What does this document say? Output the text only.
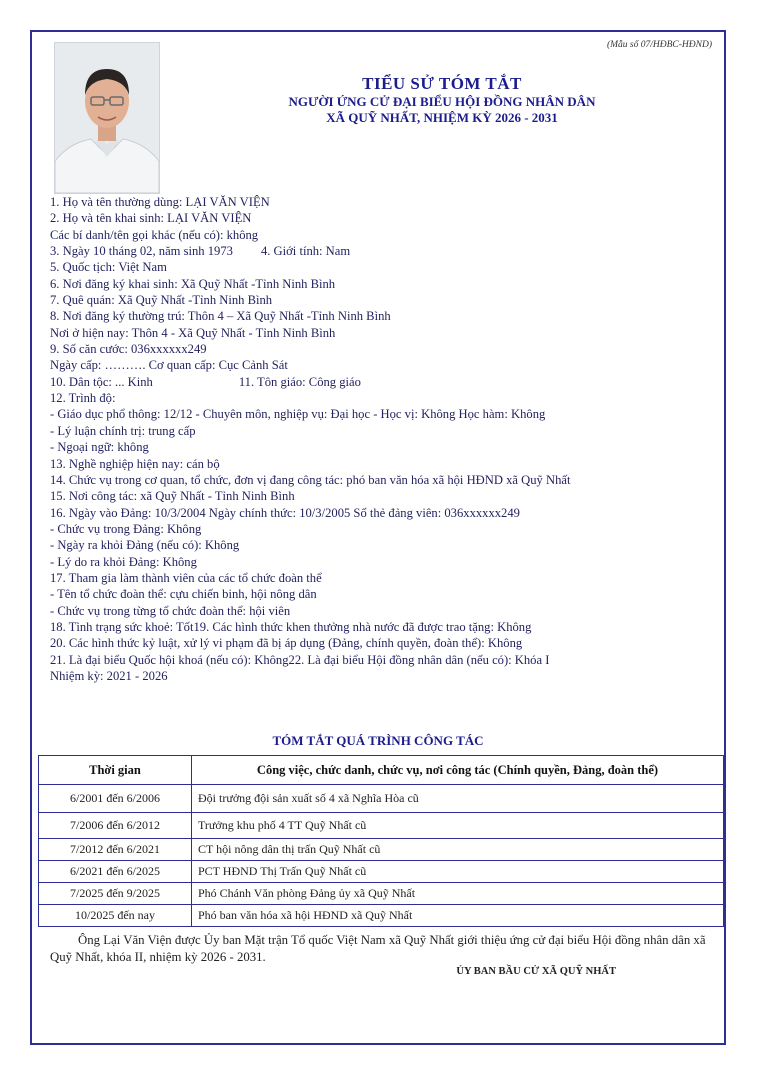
(Mẫu số 07/HĐBC-HĐND)
TIỂU SỬ TÓM TẮT
NGƯỜI ỨNG CỬ ĐẠI BIỂU HỘI ĐỒNG NHÂN DÂN
XÃ QUỸ NHẤT, NHIỆM KỲ 2026 - 2031
1. Họ và tên thường dùng: LẠI VĂN VIỆN
2. Họ và tên khai sinh: LẠI VĂN VIỆN
Các bí danh/tên gọi khác (nếu có): không
3. Ngày 10 tháng 02, năm sinh 1973 4. Giới tính: Nam
5. Quốc tịch: Việt Nam
6. Nơi đăng ký khai sinh: Xã Quỹ Nhất -Tỉnh Ninh Bình
7. Quê quán: Xã Quỹ Nhất -Tỉnh Ninh Bình
8. Nơi đăng ký thường trú: Thôn 4 – Xã Quỹ Nhất -Tỉnh Ninh Bình
Nơi ở hiện nay: Thôn 4 - Xã Quỹ Nhất - Tỉnh Ninh Bình
9. Số căn cước: 036xxxxxx249
Ngày cấp: ………. Cơ quan cấp: Cục Cảnh Sát
10. Dân tộc: ... Kinh	11. Tôn giáo: Công giáo
12. Trình độ:
- Giáo dục phổ thông: 12/12 - Chuyên môn, nghiệp vụ: Đại học - Học vị: Không Học hàm: Không
- Lý luận chính trị: trung cấp
- Ngoại ngữ: không
13. Nghề nghiệp hiện nay: cán bộ
14. Chức vụ trong cơ quan, tổ chức, đơn vị đang công tác: phó ban văn hóa xã hội HĐND xã Quỹ Nhất
15. Nơi công tác: xã Quỹ Nhất - Tỉnh Ninh Bình
16. Ngày vào Đảng: 10/3/2004 Ngày chính thức: 10/3/2005 Số thẻ đảng viên: 036xxxxxx249
- Chức vụ trong Đảng: Không
- Ngày ra khỏi Đảng (nếu có): Không
- Lý do ra khỏi Đảng: Không
17. Tham gia làm thành viên của các tổ chức đoàn thể
- Tên tổ chức đoàn thể: cựu chiến binh, hội nông dân
- Chức vụ trong từng tổ chức đoàn thể: hội viên
18. Tình trạng sức khoẻ: Tốt19. Các hình thức khen thưởng nhà nước đã được trao tặng: Không
20. Các hình thức kỷ luật, xử lý vi phạm đã bị áp dụng (Đảng, chính quyền, đoàn thể): Không
21. Là đại biểu Quốc hội khoá (nếu có): Không22. Là đại biểu Hội đồng nhân dân (nếu có): Khóa I
Nhiệm kỳ: 2021 - 2026
TÓM TẮT QUÁ TRÌNH CÔNG TÁC
Thời gian	Công việc, chức danh, chức vụ, nơi công tác (Chính quyền, Đảng, đoàn thể)
6/2001 đến 6/2006	Đội trưởng đội sản xuất số 4 xã Nghĩa Hòa cũ
7/2006 đến 6/2012	Trưởng khu phố 4 TT Quỹ Nhất cũ
7/2012 đến 6/2021	CT hội nông dân thị trấn Quỹ Nhất cũ
6/2021 đến 6/2025	PCT HĐND Thị Trấn Quỹ Nhất cũ
7/2025 đến 9/2025	Phó Chánh Văn phòng Đảng ủy xã Quỹ Nhất
10/2025 đến nay	Phó ban văn hóa xã hội HĐND xã Quỹ Nhất
Ông Lại Văn Viện được Ủy ban Mặt trận Tổ quốc Việt Nam xã Quỹ Nhất giới thiệu ứng cử đại biểu Hội đồng nhân dân xã Quỹ Nhất, khóa II, nhiệm kỳ 2026 - 2031.
ỦY BAN BẦU CỬ XÃ QUỸ NHẤT
